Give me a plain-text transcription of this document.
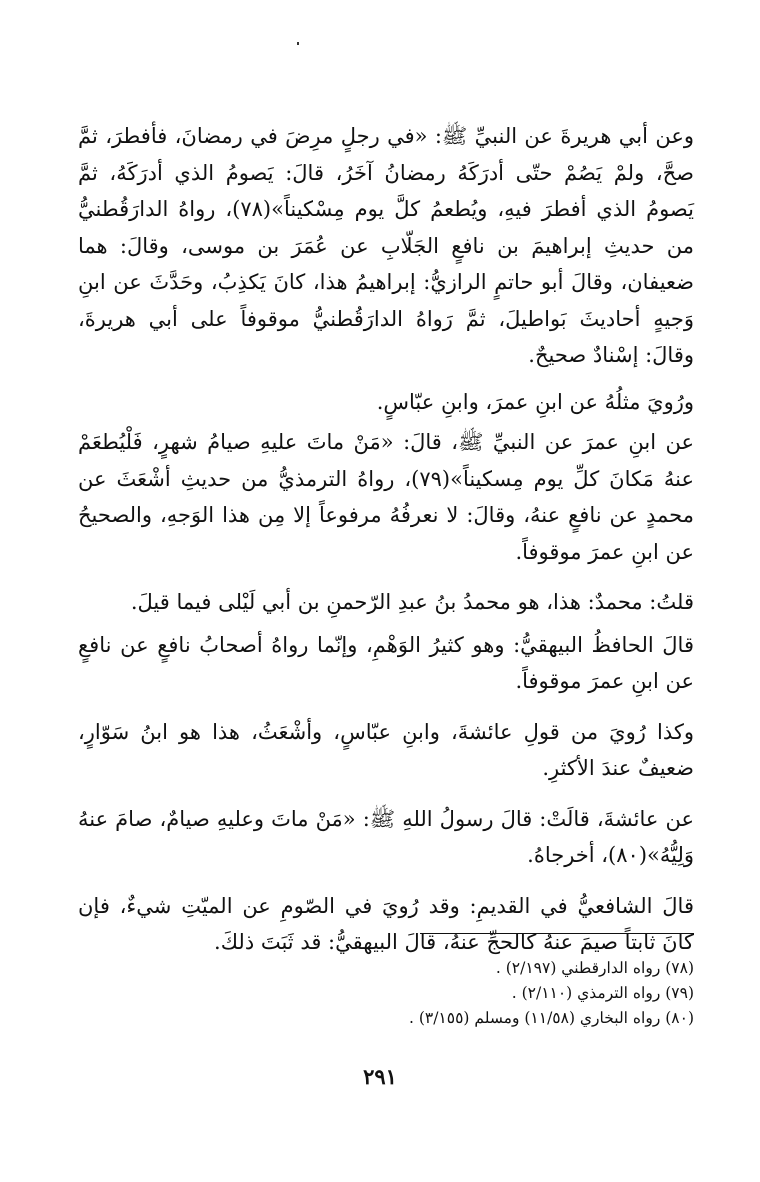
وعن أبي هريرةَ عن النبيِّ ﷺ: «في رجلٍ مرِضَ في رمضانَ، فأفطرَ، ثمَّ صحَّ، ولمْ يَصُمْ حتّى أدرَكَهُ رمضانُ آخَرُ، قالَ: يَصومُ الذي أدرَكَهُ، ثمَّ يَصومُ الذي أفطرَ فيهِ، ويُطعمُ كلَّ يوم مِسْكيناً»(٧٨)، رواهُ الدارَقُطنيُّ من حديثِ إبراهيمَ بن نافعٍ الجَلّابِ عن عُمَرَ بن موسى، وقالَ: هما ضعيفان، وقالَ أبو حاتمٍ الرازيُّ: إبراهيمُ هذا، كانَ يَكذِبُ، وحَدَّثَ عن ابنِ وَجيهٍ أحاديثَ بَواطيلَ، ثمَّ رَواهُ الدارَقُطنيُّ موقوفاً على أبي هريرةَ، وقالَ: إسْنادٌ صحيحٌ.

ورُويَ مثلُهُ عن ابنِ عمرَ، وابنِ عبّاسٍ.

عن ابنِ عمرَ عن النبيِّ ﷺ، قالَ: «مَنْ ماتَ عليهِ صيامُ شهرٍ، فَلْيُطعَمْ عنهُ مَكانَ كلِّ يوم مِسكيناً»(٧٩)، رواهُ الترمذيُّ من حديثِ أشْعَثَ عن محمدٍ عن نافعٍ عنهُ، وقالَ: لا نعرفُهُ مرفوعاً إلا مِن هذا الوَجهِ، والصحيحُ عن ابنِ عمرَ موقوفاً.

قلتُ: محمدٌ: هذا، هو محمدُ بنُ عبدِ الرّحمنِ بن أبي لَيْلى فيما قيلَ.

قالَ الحافظُ البيهقيُّ: وهو كثيرُ الوَهْمِ، وإنّما رواهُ أصحابُ نافعٍ عن نافعٍ عن ابنِ عمرَ موقوفاً.

وكذا رُويَ من قولِ عائشةَ، وابنِ عبّاسٍ، وأشْعَثُ، هذا هو ابنُ سَوّارٍ، ضعيفٌ عندَ الأكثرِ.

عن عائشةَ، قالَتْ: قالَ رسولُ اللهِ ﷺ: «مَنْ ماتَ وعليهِ صيامٌ، صامَ عنهُ وَلِيُّهُ»(٨٠)، أخرجاهُ.

قالَ الشافعيُّ في القديمِ: وقد رُويَ في الصّومِ عن الميّتِ شيءٌ، فإن كانَ ثابتاً صيمَ عنهُ كالحجِّ عنهُ، قالَ البيهقيُّ: قد ثَبَتَ ذلكَ.

(٧٨) رواه الدارقطني (٢/١٩٧) .

(٧٩) رواه الترمذي (٢/١١٠) .

(٨٠) رواه البخاري (١١/٥٨) ومسلم (٣/١٥٥) .

٢٩١
